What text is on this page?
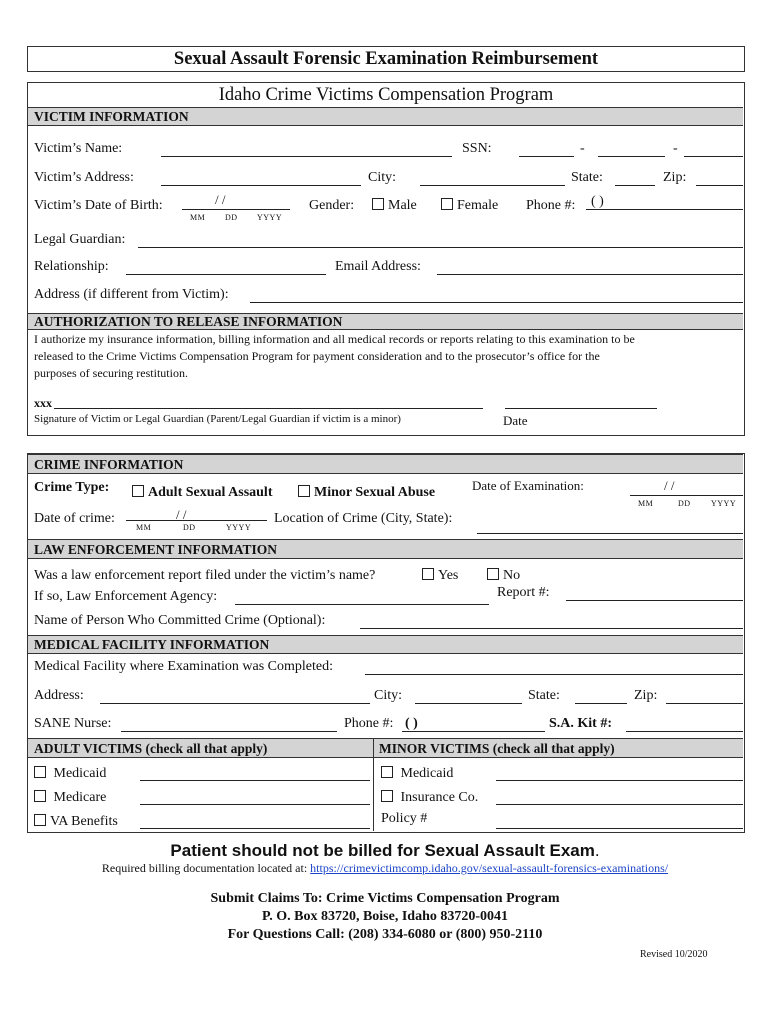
Sexual Assault Forensic Examination Reimbursement
Idaho Crime Victims Compensation Program
VICTIM INFORMATION
Victim’s Name:	SSN:	-	-
Victim’s Address:	City:	State:	Zip:
Victim’s Date of Birth:	/ /
MM DD YYYY
Gender:	Male	Female Phone #: ( )
Legal Guardian:
Relationship:	Email Address:
Address (if different from Victim):
AUTHORIZATION TO RELEASE INFORMATION
I authorize my insurance information, billing information and all medical records or reports relating to this examination to be
released to the Crime Victims Compensation Program for payment consideration and to the prosecutor’s office for the
purposes of securing restitution.
xxx
Signature of Victim or Legal Guardian (Parent/Legal Guardian if victim is a minor)	Date
CRIME INFORMATION
Crime Type:	Adult Sexual Assault	Minor Sexual Abuse	Date of Examination:	/ /
MM	DD	YYYY
Date of crime:	/ /
MM	DD	YYYY
Location of Crime (City, State):
LAW ENFORCEMENT INFORMATION
Was a law enforcement report filed under the victim’s name?	Yes	No
If so, Law Enforcement Agency:	Report #:
Name of Person Who Committed Crime (Optional):
MEDICAL FACILITY INFORMATION
Medical Facility where Examination was Completed:
Address:	City:	State:	Zip:
SANE Nurse:	Phone #: ( )	S.A. Kit #:
ADULT VICTIMS (check all that apply)	MINOR VICTIMS (check all that apply)
Medicaid
Medicare
VA Benefits
Medicaid
Insurance Co.
Policy #
Patient should not be billed for Sexual Assault Exam.
Required billing documentation located at: https://crimevictimcomp.idaho.gov/sexual-assault-forensics-examinations/
Submit Claims To: Crime Victims Compensation Program
P. O. Box 83720, Boise, Idaho 83720-0041
For Questions Call: (208) 334-6080 or (800) 950-2110
Revised 10/2020
